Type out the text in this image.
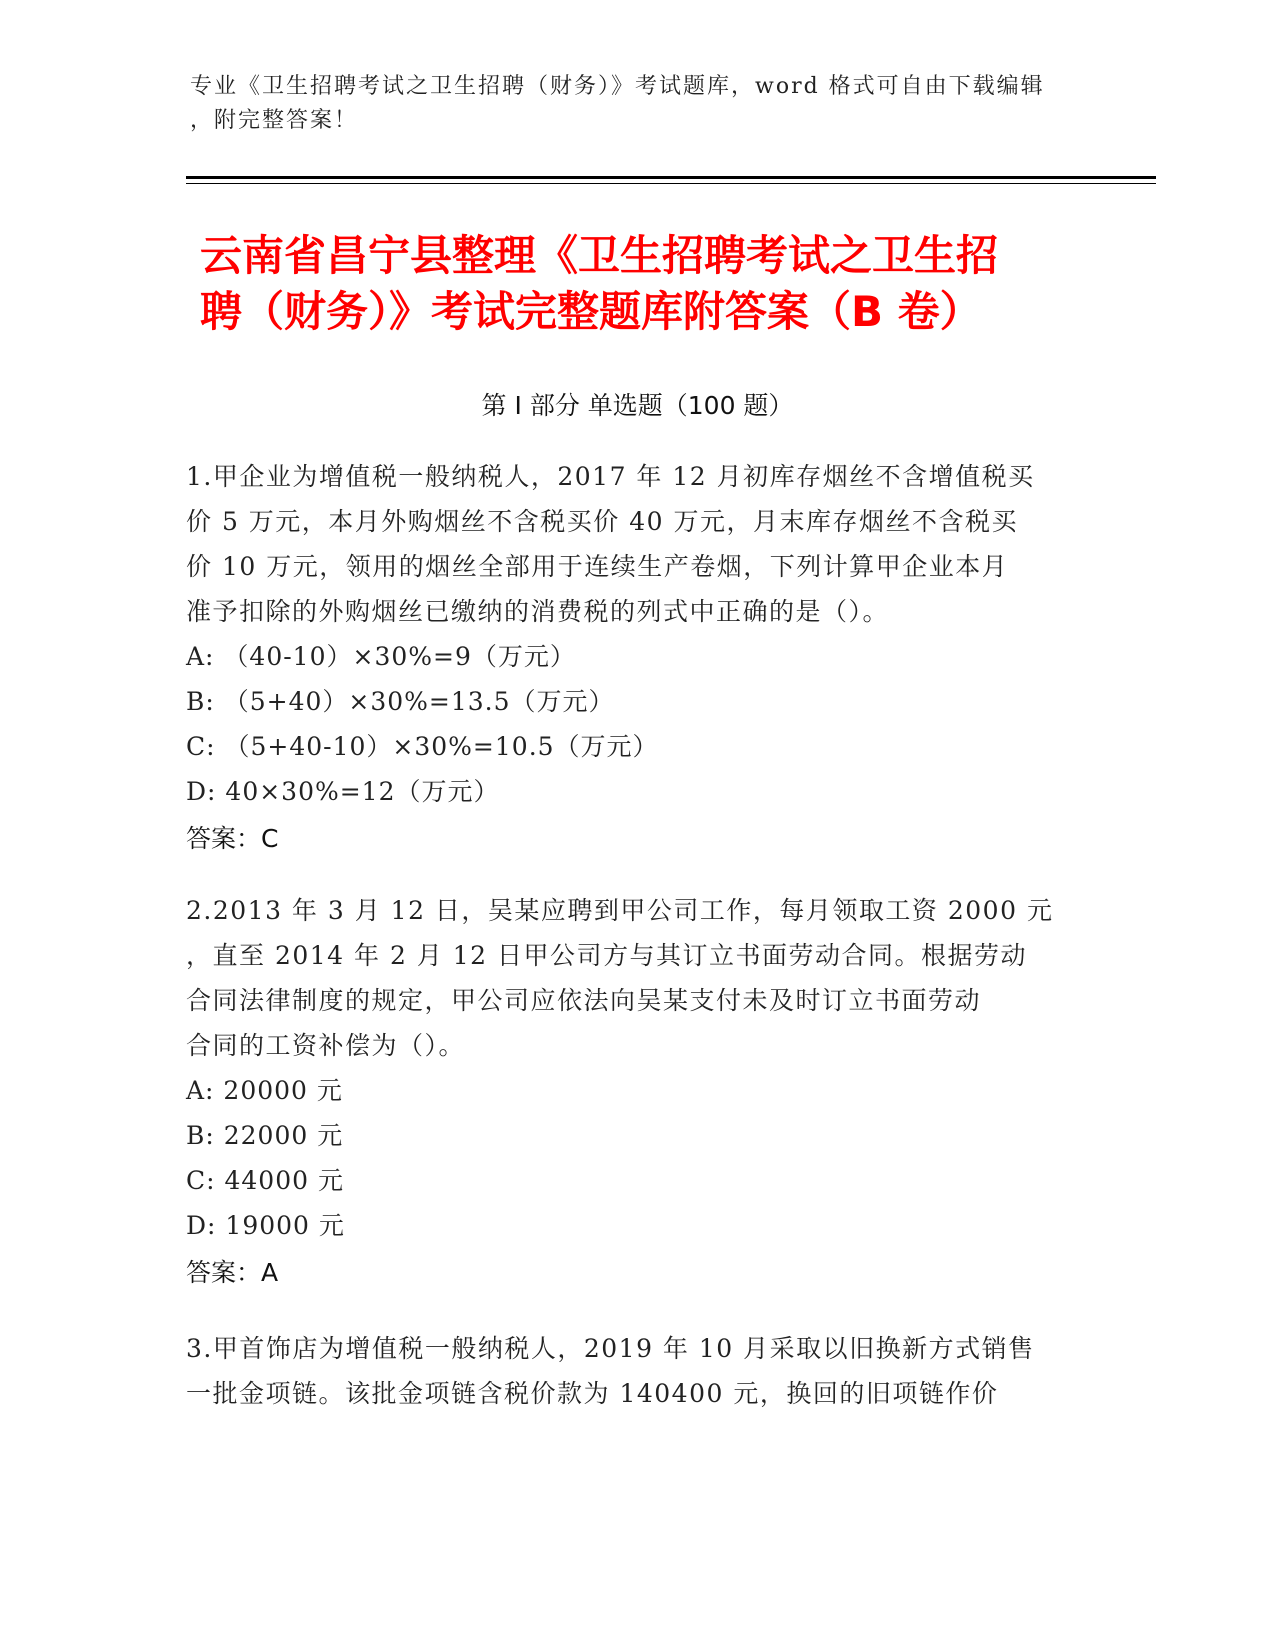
专业《卫生招聘考试之卫生招聘（财务）》考试题库，word 格式可自由下载编辑
，附完整答案！
云南省昌宁县整理《卫生招聘考试之卫生招
聘（财务）》考试完整题库附答案（B 卷）
第 I 部分 单选题（100 题）
1.甲企业为增值税一般纳税人，2017 年 12 月初库存烟丝不含增值税买
价 5 万元，本月外购烟丝不含税买价 40 万元，月末库存烟丝不含税买
价 10 万元，领用的烟丝全部用于连续生产卷烟，下列计算甲企业本月
准予扣除的外购烟丝已缴纳的消费税的列式中正确的是（）。
A: （40-10）×30%=9（万元）
B: （5+40）×30%=13.5（万元）
C: （5+40-10）×30%=10.5（万元）
D: 40×30%=12（万元）
答案：C
2.2013 年 3 月 12 日，吴某应聘到甲公司工作，每月领取工资 2000 元
，直至 2014 年 2 月 12 日甲公司方与其订立书面劳动合同。根据劳动
合同法律制度的规定，甲公司应依法向吴某支付未及时订立书面劳动
合同的工资补偿为（）。
A: 20000 元
B: 22000 元
C: 44000 元
D: 19000 元
答案：A
3.甲首饰店为增值税一般纳税人，2019 年 10 月采取以旧换新方式销售
一批金项链。该批金项链含税价款为 140400 元，换回的旧项链作价
